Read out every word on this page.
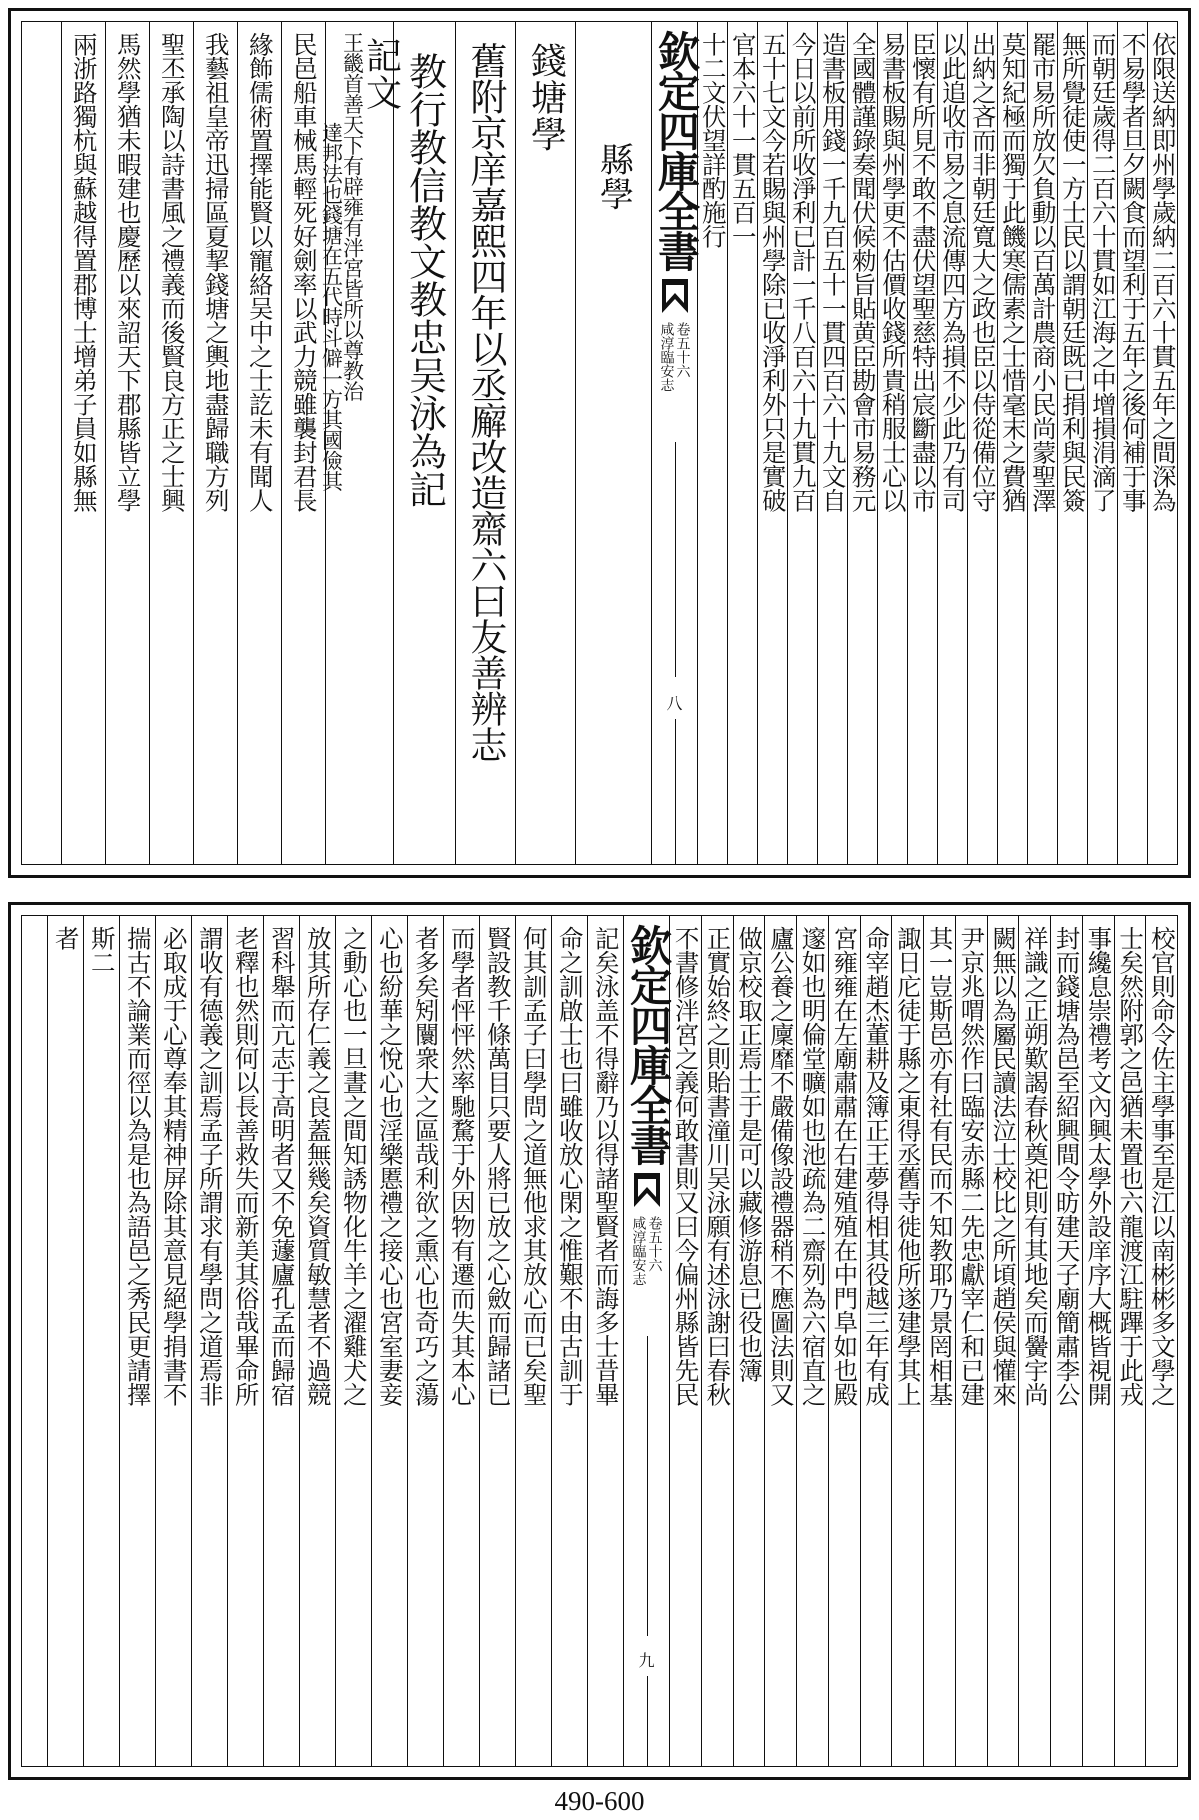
依限送納即州學歲納二百六十貫五年之間深為
不易學者旦夕闕食而望利于五年之後何補于事
而朝廷歲得二百六十貫如江海之中增損涓滴了
無所覺徒使一方士民以謂朝廷既已捐利與民簽
罷市易所放欠負動以百萬計農商小民尚蒙聖澤
莫知紀極而獨于此饑寒儒素之士惜毫末之費猶
出納之吝而非朝廷寬大之政也臣以侍從備位守
以此追收市易之息流傳四方為損不少此乃有司
臣懷有所見不敢不盡伏望聖慈特出宸斷盡以市
易書板賜與州學更不估價收錢所貴稍服士心以
全國體謹錄奏聞伏候勑旨貼黄臣勘會市易務元
造書板用錢一千九百五十一貫四百六十九文自
今日以前所收淨利已計一千八百六十九貫九百
五十七文今若賜與州學除已收淨利外只是實破
官本六十一貫五百一
十二文伏望詳酌施行
欽定四庫全書
咸淳臨安志 卷五十六
八
縣學
錢塘學
舊附京庠嘉熙四年以丞廨改造齋六曰友善辨志
教行教信教文教忠吴泳為記
記文
王畿首善天下有辟雍有泮宮皆所以尊教治
達邦法也錢塘在五代時斗僻一方其國儉其
民邑船車械馬輕死好劍率以武力競雖襲封君長
緣飾儒術置擇能賢以寵絡吴中之士訖未有聞人
我藝祖皇帝迅掃區夏挈錢塘之輿地盡歸職方列
聖丕承陶以詩書風之禮義而後賢良方正之士興
馬然學猶未暇建也慶歷以來詔天下郡縣皆立學
兩浙路獨杭與蘇越得置郡博士增弟子員如縣無
校官則命令佐主學事至是江以南彬彬多文學之
士矣然附郭之邑猶未置也六龍渡江駐蹕于此戎
事纔息崇禮考文內興太學外設庠序大概皆視開
封而錢塘為邑至紹興間令昉建天子廟簡肅李公
祥識之正朔歎謁春秋奠祀則有其地矣而黌宇尚
闕無以為屬民讀法泣士校比之所頃趙侯與懽來
尹京兆喟然作曰臨安赤縣二先忠獻宰仁和已建
其一豈斯邑亦有社有民而不知教耶乃景罔相基
諏日庀徒于縣之東得丞舊寺徙他所遂建學其上
命宰趙杰董耕及簿正王夢得相其役越三年有成
宮雍雍在左廟肅肅在右建殖殖在中門阜如也殿
邃如也明倫堂曠如也池疏為二齋列為六宿直之
廬公養之廩靡不嚴備像設禮器稍不應圖法則又
做京校取正焉士于是可以藏修游息已役也簿
正實始終之則貽書潼川吴泳願有述泳謝曰春秋
不書修泮宮之義何敢書則又曰今偏州縣皆先民
欽定四庫全書
咸淳臨安志 卷五十六
九
記矣泳盖不得辭乃以得諸聖賢者而誨多士昔畢
命之訓啟士也曰雖收放心閑之惟艱不由古訓于
何其訓孟子曰學問之道無他求其放心而已矣聖
賢設教千條萬目只要人將已放之心斂而歸諸已
而學者怦怦然率馳騖于外因物有遷而失其本心
者多矣矧闤衆大之區哉利欲之熏心也奇巧之蕩
心也紛華之悅心也淫樂慝禮之接心也宮室妻妾
之動心也一旦晝之間知誘物化牛羊之濯雞犬之
放其所存仁義之良蓋無幾矣資質敏慧者不過競
習科舉而亢志于高明者又不免蘧廬孔孟而歸宿
老釋也然則何以長善救失而新美其俗哉畢命所
謂收有德義之訓焉孟子所謂求有學問之道焉非
必取成于心尊奉其精神屏除其意見絕學捐書不
揣古不論業而徑以為是也為語邑之秀民更請擇
斯二
者
490-600
